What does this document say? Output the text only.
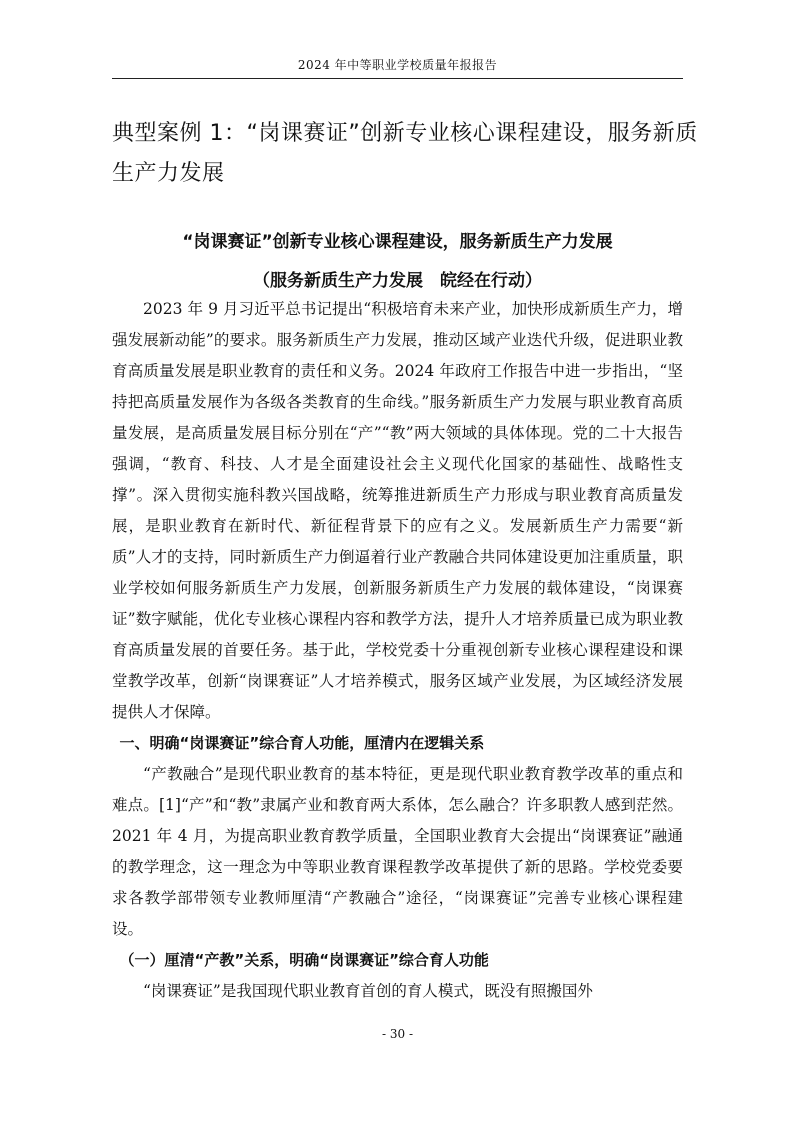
2024 年中等职业学校质量年报报告
典型案例 1：“岗课赛证”创新专业核心课程建设，服务新质生产力发展
“岗课赛证”创新专业核心课程建设，服务新质生产力发展
（服务新质生产力发展　皖经在行动）

2023 年 9 月习近平总书记提出“积极培育未来产业，加快形成新质生产力，增强发展新动能”的要求。服务新质生产力发展，推动区域产业迭代升级，促进职业教育高质量发展是职业教育的责任和义务。2024 年政府工作报告中进一步指出，“坚持把高质量发展作为各级各类教育的生命线。”服务新质生产力发展与职业教育高质量发展，是高质量发展目标分别在“产”“教”两大领域的具体体现。党的二十大报告强调，“教育、科技、人才是全面建设社会主义现代化国家的基础性、战略性支撑”。深入贯彻实施科教兴国战略，统筹推进新质生产力形成与职业教育高质量发展，是职业教育在新时代、新征程背景下的应有之义。发展新质生产力需要“新质”人才的支持，同时新质生产力倒逼着行业产教融合共同体建设更加注重质量，职业学校如何服务新质生产力发展，创新服务新质生产力发展的载体建设，“岗课赛证”数字赋能，优化专业核心课程内容和教学方法，提升人才培养质量已成为职业教育高质量发展的首要任务。基于此，学校党委十分重视创新专业核心课程建设和课堂教学改革，创新“岗课赛证”人才培养模式，服务区域产业发展，为区域经济发展提供人才保障。

一、明确“岗课赛证”综合育人功能，厘清内在逻辑关系

“产教融合”是现代职业教育的基本特征，更是现代职业教育教学改革的重点和难点。[1]“产”和“教”隶属产业和教育两大系体，怎么融合？许多职教人感到茫然。2021 年 4 月，为提高职业教育教学质量，全国职业教育大会提出“岗课赛证”融通的教学理念，这一理念为中等职业教育课程教学改革提供了新的思路。学校党委要求各教学部带领专业教师厘清“产教融合”途径，“岗课赛证”完善专业核心课程建设。

（一）厘清“产教”关系，明确“岗课赛证”综合育人功能

“岗课赛证”是我国现代职业教育首创的育人模式，既没有照搬国外

- 30 -
